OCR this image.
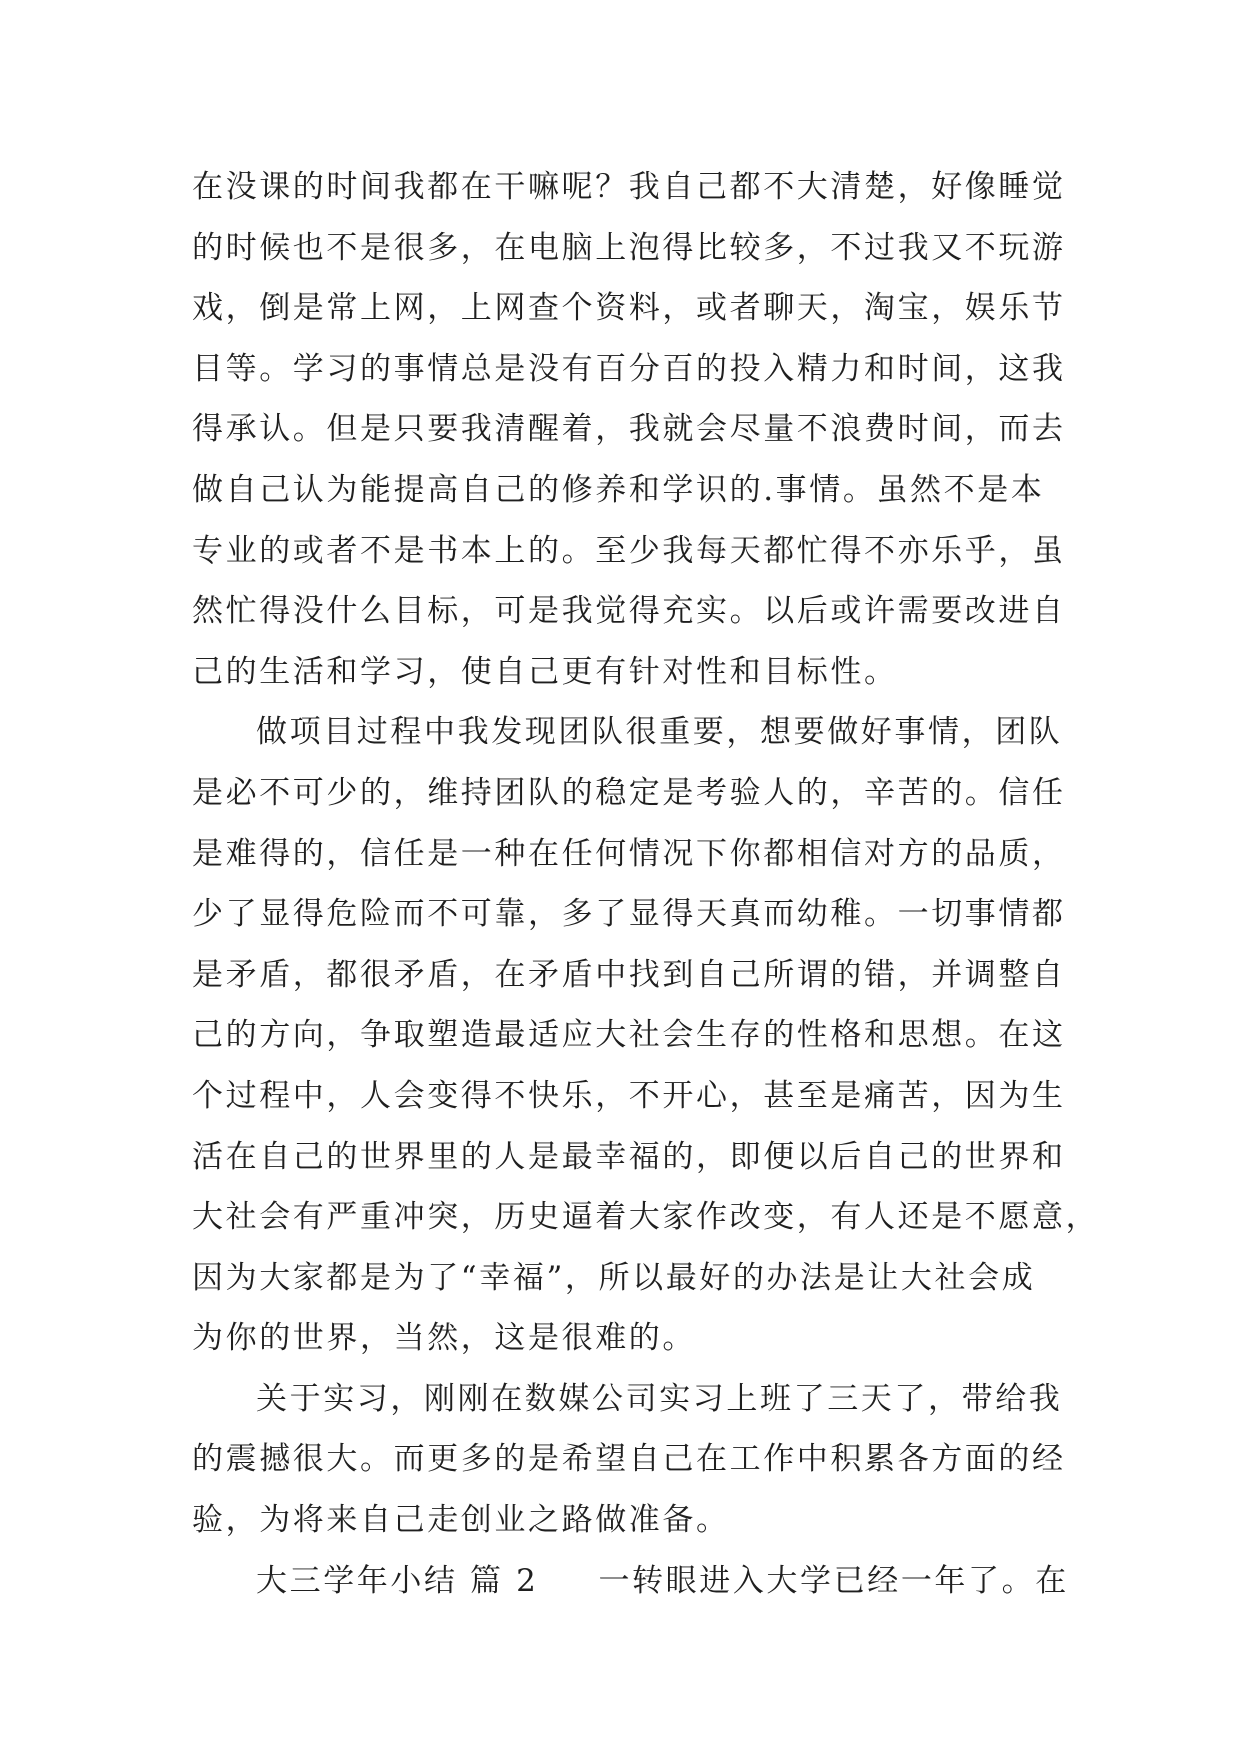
在没课的时间我都在干嘛呢？我自己都不大清楚，好像睡觉
的时候也不是很多，在电脑上泡得比较多，不过我又不玩游
戏，倒是常上网，上网查个资料，或者聊天，淘宝，娱乐节
目等。学习的事情总是没有百分百的投入精力和时间，这我
得承认。但是只要我清醒着，我就会尽量不浪费时间，而去
做自己认为能提高自己的修养和学识的.事情。虽然不是本
专业的或者不是书本上的。至少我每天都忙得不亦乐乎，虽
然忙得没什么目标，可是我觉得充实。以后或许需要改进自
己的生活和学习，使自己更有针对性和目标性。
做项目过程中我发现团队很重要，想要做好事情，团队
是必不可少的，维持团队的稳定是考验人的，辛苦的。信任
是难得的，信任是一种在任何情况下你都相信对方的品质，
少了显得危险而不可靠，多了显得天真而幼稚。一切事情都
是矛盾，都很矛盾，在矛盾中找到自己所谓的错，并调整自
己的方向，争取塑造最适应大社会生存的性格和思想。在这
个过程中，人会变得不快乐，不开心，甚至是痛苦，因为生
活在自己的世界里的人是最幸福的，即便以后自己的世界和
大社会有严重冲突，历史逼着大家作改变，有人还是不愿意，
因为大家都是为了“幸福”，所以最好的办法是让大社会成
为你的世界，当然，这是很难的。
关于实习，刚刚在数媒公司实习上班了三天了，带给我
的震撼很大。而更多的是希望自己在工作中积累各方面的经
验，为将来自己走创业之路做准备。
大三学年小结 篇 2 一转眼进入大学已经一年了。在
